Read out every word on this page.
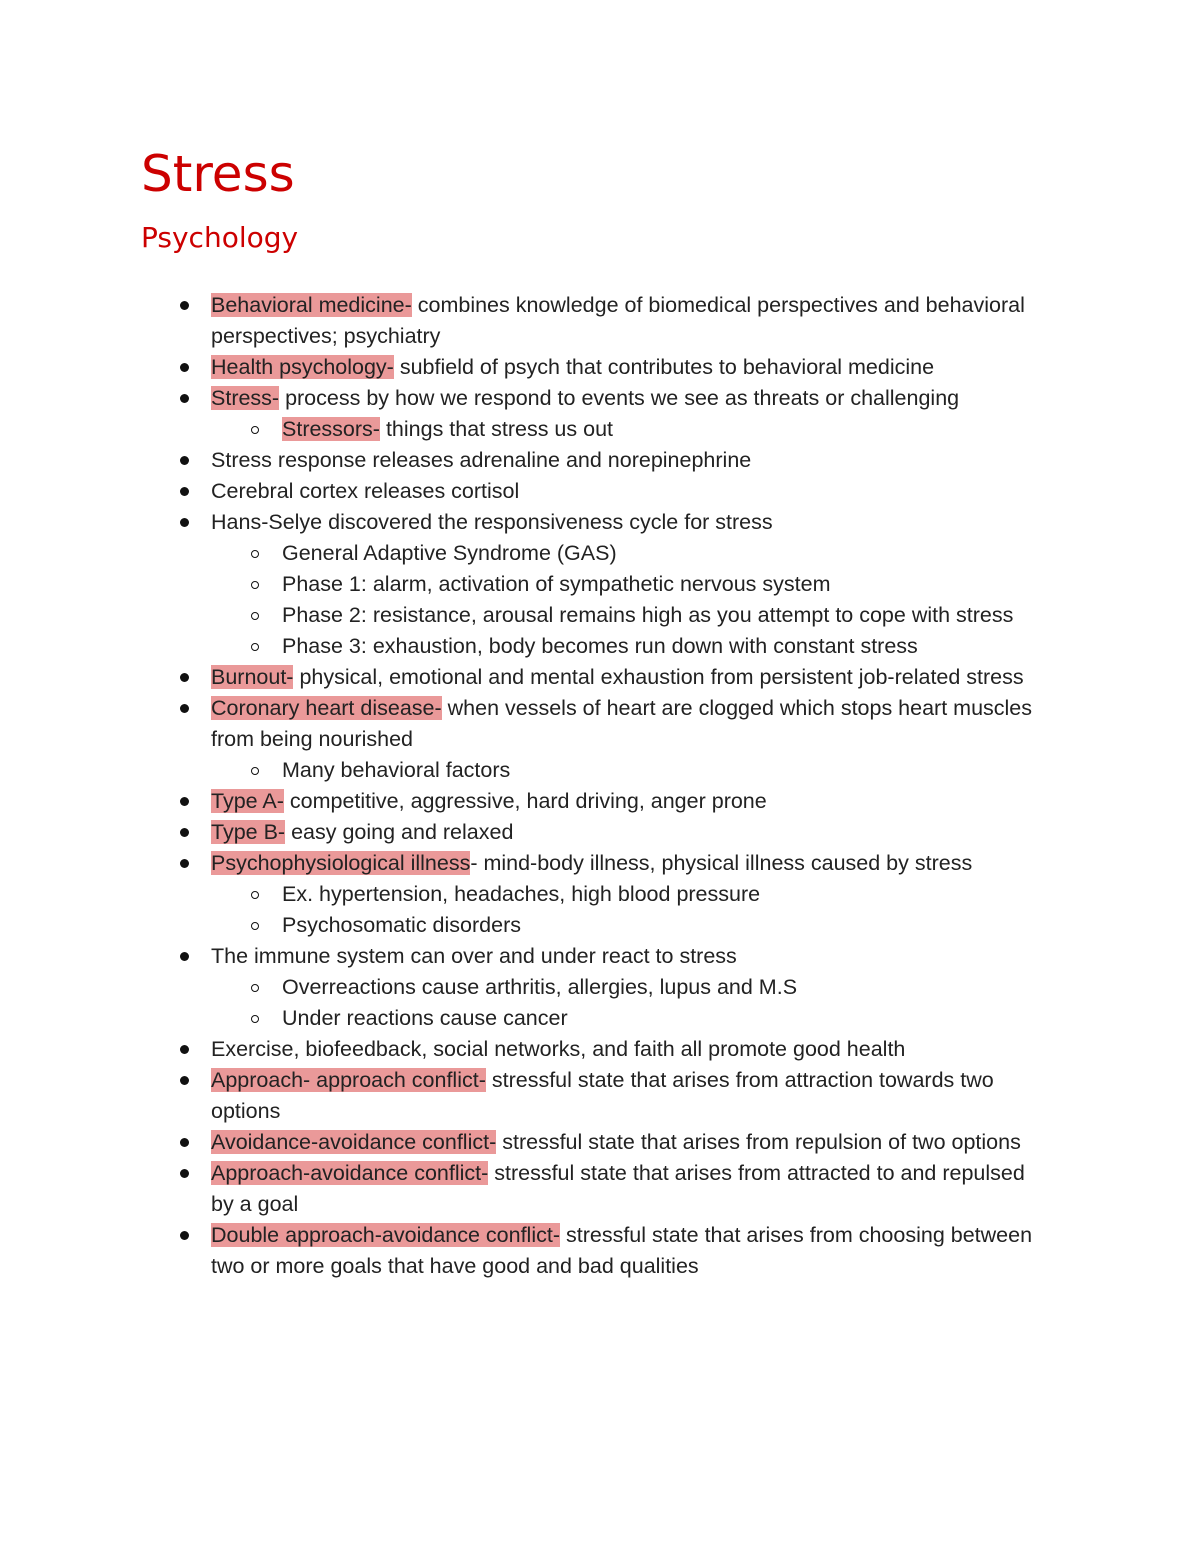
Stress
Psychology
Behavioral medicine- combines knowledge of biomedical perspectives and behavioral perspectives; psychiatry
Health psychology- subfield of psych that contributes to behavioral medicine
Stress- process by how we respond to events we see as threats or challenging
Stressors- things that stress us out
Stress response releases adrenaline and norepinephrine
Cerebral cortex releases cortisol
Hans-Selye discovered the responsiveness cycle for stress
General Adaptive Syndrome (GAS)
Phase 1: alarm, activation of sympathetic nervous system
Phase 2: resistance, arousal remains high as you attempt to cope with stress
Phase 3: exhaustion, body becomes run down with constant stress
Burnout- physical, emotional and mental exhaustion from persistent job-related stress
Coronary heart disease- when vessels of heart are clogged which stops heart muscles from being nourished
Many behavioral factors
Type A- competitive, aggressive, hard driving, anger prone
Type B- easy going and relaxed
Psychophysiological illness- mind-body illness, physical illness caused by stress
Ex. hypertension, headaches, high blood pressure
Psychosomatic disorders
The immune system can over and under react to stress
Overreactions cause arthritis, allergies, lupus and M.S
Under reactions cause cancer
Exercise, biofeedback, social networks, and faith all promote good health
Approach- approach conflict- stressful state that arises from attraction towards two options
Avoidance-avoidance conflict- stressful state that arises from repulsion of two options
Approach-avoidance conflict- stressful state that arises from attracted to and repulsed by a goal
Double approach-avoidance conflict- stressful state that arises from choosing between two or more goals that have good and bad qualities
